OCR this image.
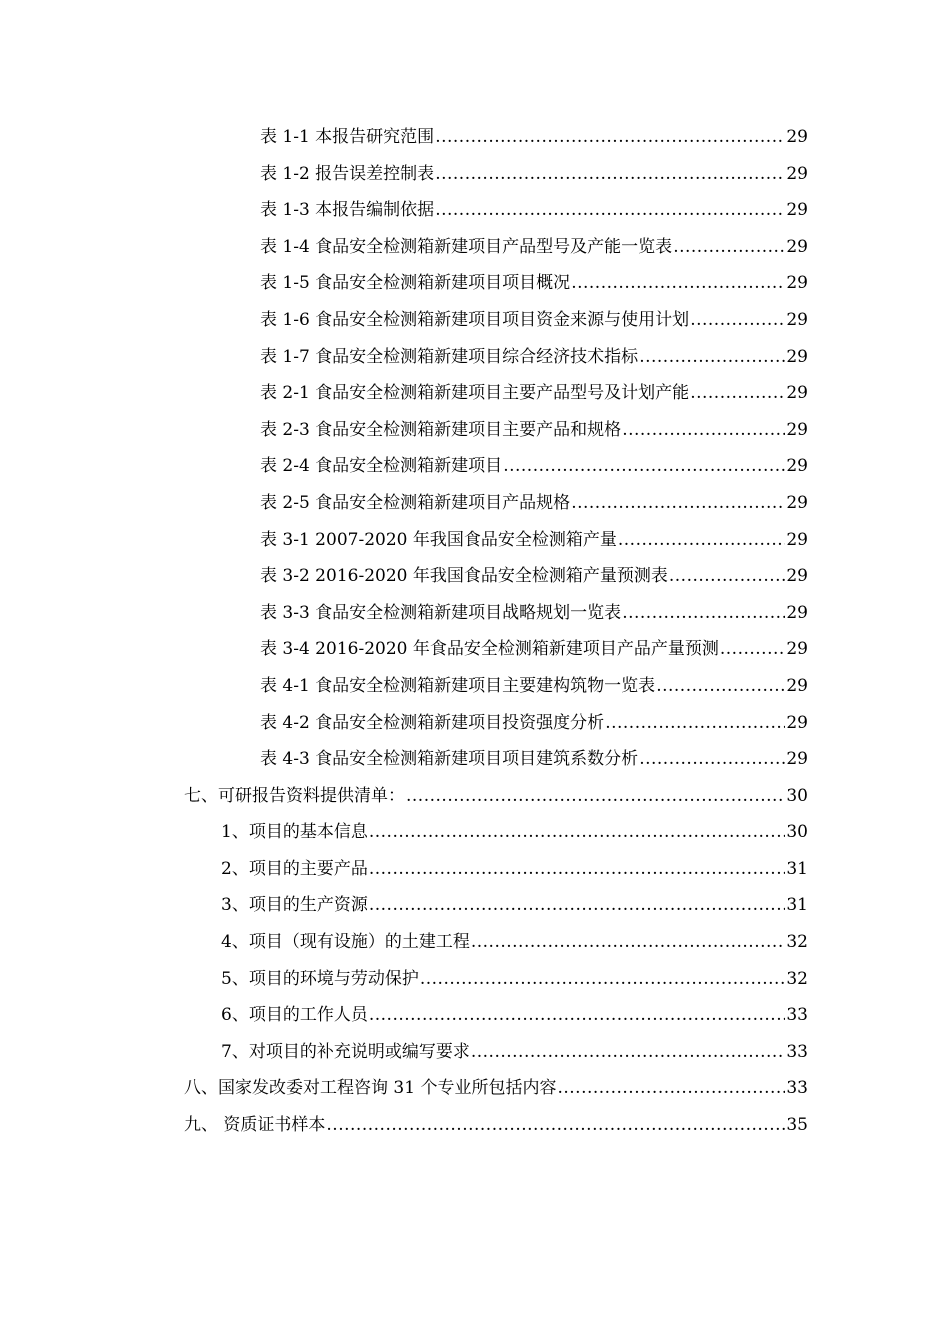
表 1-1 本报告研究范围 .....	29
表 1-2 报告误差控制表 .....	29
表 1-3 本报告编制依据 .....	29
表 1-4 食品安全检测箱新建项目产品型号及产能一览表 .....	29
表 1-5 食品安全检测箱新建项目项目概况 .....	29
表 1-6 食品安全检测箱新建项目项目资金来源与使用计划 .....	29
表 1-7 食品安全检测箱新建项目综合经济技术指标 .....	29
表 2-1 食品安全检测箱新建项目主要产品型号及计划产能 .....	29
表 2-3 食品安全检测箱新建项目主要产品和规格 .....	29
表 2-4 食品安全检测箱新建项目 .....	29
表 2-5 食品安全检测箱新建项目产品规格 .....	29
表 3-1 2007-2020 年我国食品安全检测箱产量 .....	29
表 3-2 2016-2020 年我国食品安全检测箱产量预测表 .....	29
表 3-3 食品安全检测箱新建项目战略规划一览表 .....	29
表 3-4 2016-2020 年食品安全检测箱新建项目产品产量预测 .....	29
表 4-1 食品安全检测箱新建项目主要建构筑物一览表 .....	29
表 4-2 食品安全检测箱新建项目投资强度分析 .....	29
表 4-3 食品安全检测箱新建项目项目建筑系数分析 .....	29
七、可研报告资料提供清单： .....	30
1、项目的基本信息 .....	30
2、项目的主要产品 .....	31
3、项目的生产资源 .....	31
4、项目（现有设施）的土建工程 .....	32
5、项目的环境与劳动保护 .....	32
6、项目的工作人员 .....	33
7、对项目的补充说明或编写要求 .....	33
八、国家发改委对工程咨询 31 个专业所包括内容 .....	33
九、 资质证书样本 .....	35
